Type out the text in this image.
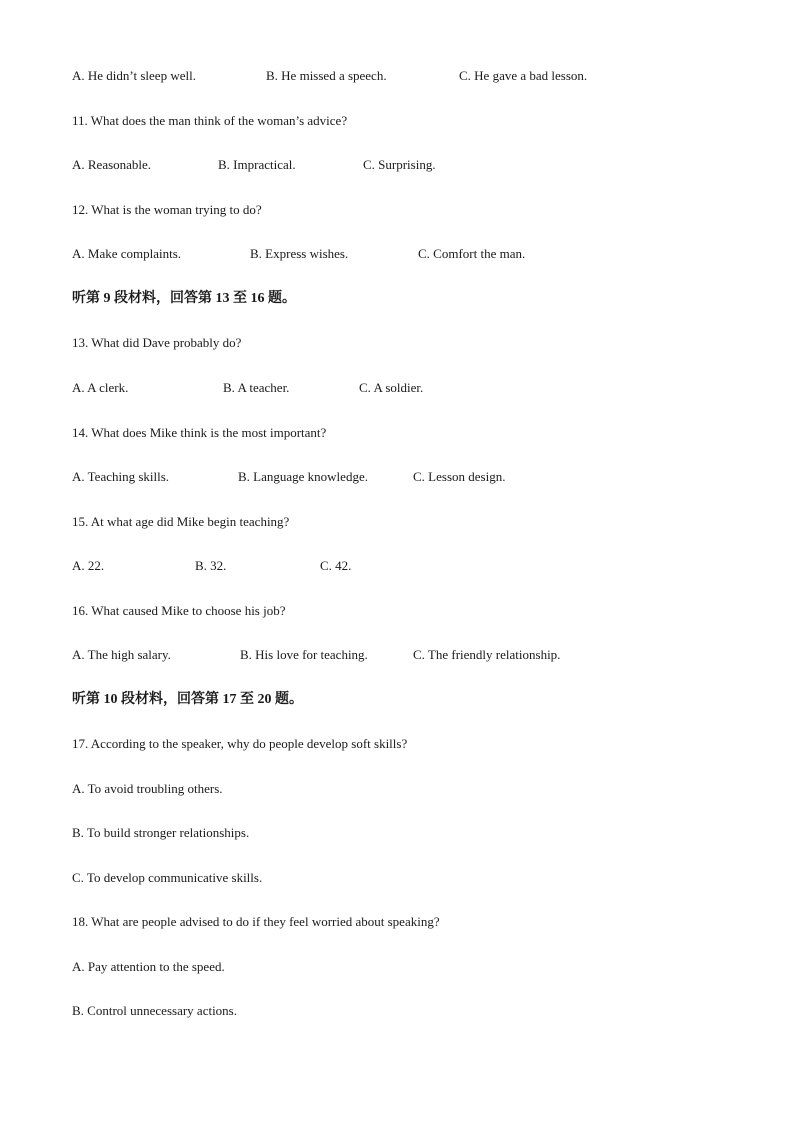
A. He didn’t sleep well.	B. He missed a speech.	C. He gave a bad lesson.
11. What does the man think of the woman’s advice?
A. Reasonable.	B. Impractical.	C. Surprising.
12. What is the woman trying to do?
A. Make complaints.	B. Express wishes.	C. Comfort the man.
听第 9 段材料，回答第 13 至 16 题。
13. What did Dave probably do?
A. A clerk.	B. A teacher.	C. A soldier.
14. What does Mike think is the most important?
A. Teaching skills.	B. Language knowledge.	C. Lesson design.
15. At what age did Mike begin teaching?
A. 22.	B. 32.	C. 42.
16. What caused Mike to choose his job?
A. The high salary.	B. His love for teaching.	C. The friendly relationship.
听第 10 段材料，回答第 17 至 20 题。
17. According to the speaker, why do people develop soft skills?
A. To avoid troubling others.
B. To build stronger relationships.
C. To develop communicative skills.
18. What are people advised to do if they feel worried about speaking?
A. Pay attention to the speed.
B. Control unnecessary actions.
